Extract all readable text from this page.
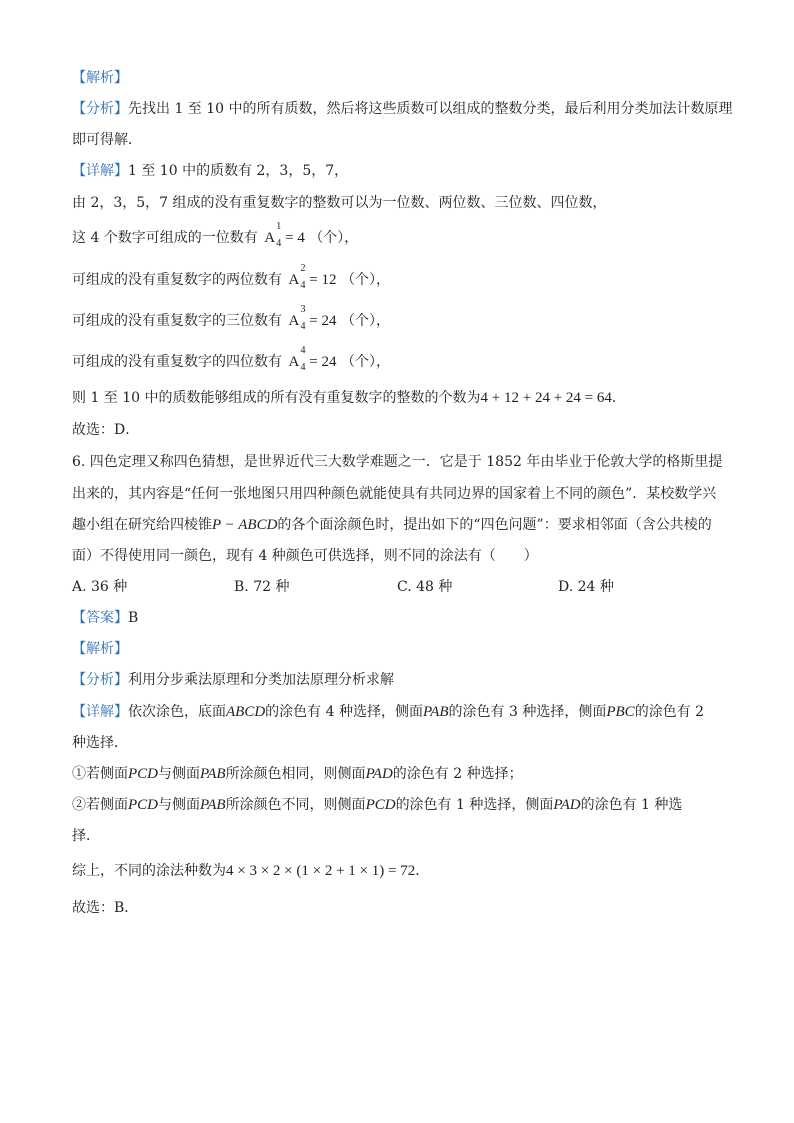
【解析】
【分析】先找出 1 至 10 中的所有质数，然后将这些质数可以组成的整数分类，最后利用分类加法计数原理
即可得解．
【详解】1 至 10 中的质数有 2，3，5，7，
由 2，3，5，7 组成的没有重复数字的整数可以为一位数、两位数、三位数、四位数，
这 4 个数字可组成的一位数有 A
1
4 = 4 （个），
可组成的没有重复数字的两位数有 A
2
4 = 12 （个），
可组成的没有重复数字的三位数有 A
3
4 = 24 （个），
可组成的没有重复数字的四位数有 A
4
4 = 24 （个），
则 1 至 10 中的质数能够组成的所有没有重复数字的整数的个数为4 + 12 + 24 + 24 = 64．
故选：D．
6. 四色定理又称四色猜想，是世界近代三大数学难题之一．它是于 1852 年由毕业于伦敦大学的格斯里提
出来的，其内容是“任何一张地图只用四种颜色就能使具有共同边界的国家着上不同的颜色”．某校数学兴
趣小组在研究给四棱锥P − ABCD的各个面涂颜色时，提出如下的“四色问题”：要求相邻面（含公共棱的
面）不得使用同一颜色，现有 4 种颜色可供选择，则不同的涂法有（　　）
A. 36 种	B. 72 种	C. 48 种	D. 24 种
【答案】B
【解析】
【分析】利用分步乘法原理和分类加法原理分析求解
【详解】依次涂色，底面ABCD的涂色有 4 种选择，侧面PAB的涂色有 3 种选择，侧面PBC的涂色有 2
种选择．
①若侧面PCD与侧面PAB所涂颜色相同，则侧面PAD的涂色有 2 种选择；
②若侧面PCD与侧面PAB所涂颜色不同，则侧面PCD的涂色有 1 种选择，侧面PAD的涂色有 1 种选
择．
综上，不同的涂法种数为4 × 3 × 2 × (1 × 2 + 1 × 1) = 72．
故选：B．
